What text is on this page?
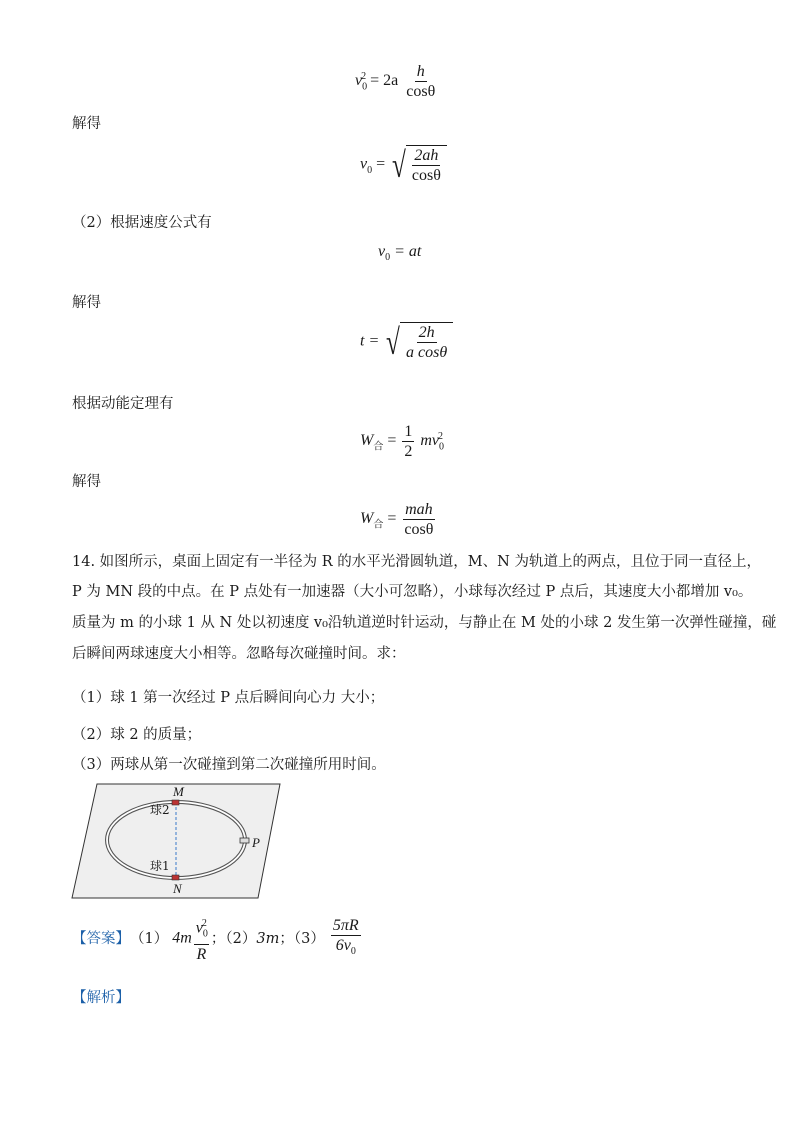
$v_0^2 = 2a \frac{h}{\cos\theta}$
解得
$v_0$ = √ $\frac{2ah}{\cos\theta}$
（2）根据速度公式有
$v_0$ = at
解得
t = √ $\frac{2h}{\text{a cosθ}}$
根据动能定理有
$W_合 = \frac{1}{2} mv_0^2$
解得
$W_合 = \frac{\text{mah}}{\cos\theta}$
14. 如图所示，桌面上固定有一半径为 R 的水平光滑圆轨道，M、N 为轨道上的两点，且位于同一直径上，
P 为 MN 段的中点。在 P 点处有一加速器（大小可忽略），小球每次经过 P 点后，其速度大小都增加 v₀。
质量为 m 的小球 1 从 N 处以初速度 v₀沿轨道逆时针运动，与静止在 M 处的小球 2 发生第一次弹性碰撞，碰
后瞬间两球速度大小相等。忽略每次碰撞时间。求：
（1）球 1 第一次经过 P 点后瞬间向心力 大小；
（2）球 2 的质量；
（3）两球从第一次碰撞到第二次碰撞所用时间。
M
N
P
球2
球1
【答案】 （1） $4m \frac{v_0^2}{R}$ ；（2） 3m ；$(3) \frac{5\pi R}{6v_0}$
【解析】
